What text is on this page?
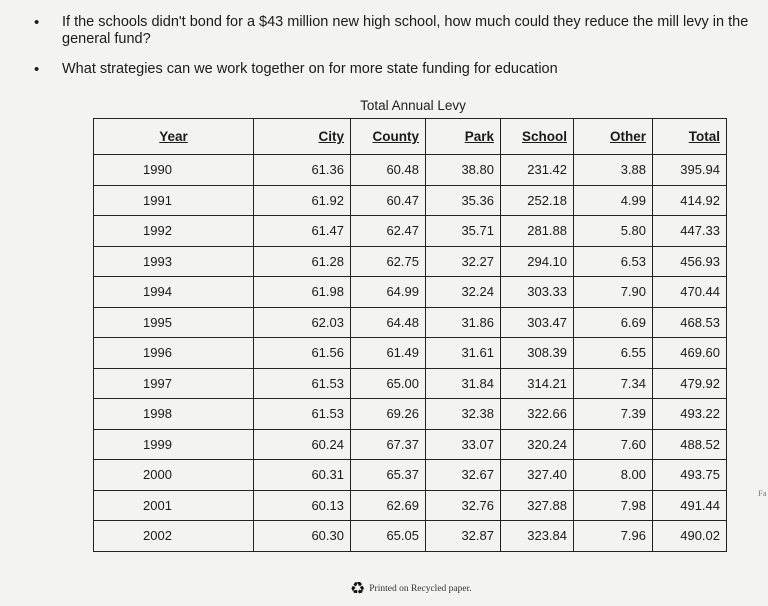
•	If the schools didn't bond for a $43 million new high school, how much could they reduce the mill levy in the general fund?
•	What strategies can we work together on for more state funding for education
Total Annual Levy
Year	City	County	Park	School	Other	Total
1990	61.36	60.48	38.80	231.42	3.88	395.94
1991	61.92	60.47	35.36	252.18	4.99	414.92
1992	61.47	62.47	35.71	281.88	5.80	447.33
1993	61.28	62.75	32.27	294.10	6.53	456.93
1994	61.98	64.99	32.24	303.33	7.90	470.44
1995	62.03	64.48	31.86	303.47	6.69	468.53
1996	61.56	61.49	31.61	308.39	6.55	469.60
1997	61.53	65.00	31.84	314.21	7.34	479.92
1998	61.53	69.26	32.38	322.66	7.39	493.22
1999	60.24	67.37	33.07	320.24	7.60	488.52
2000	60.31	65.37	32.67	327.40	8.00	493.75
2001	60.13	62.69	32.76	327.88	7.98	491.44
2002	60.30	65.05	32.87	323.84	7.96	490.02
♻ Printed on Recycled paper.
Fa
